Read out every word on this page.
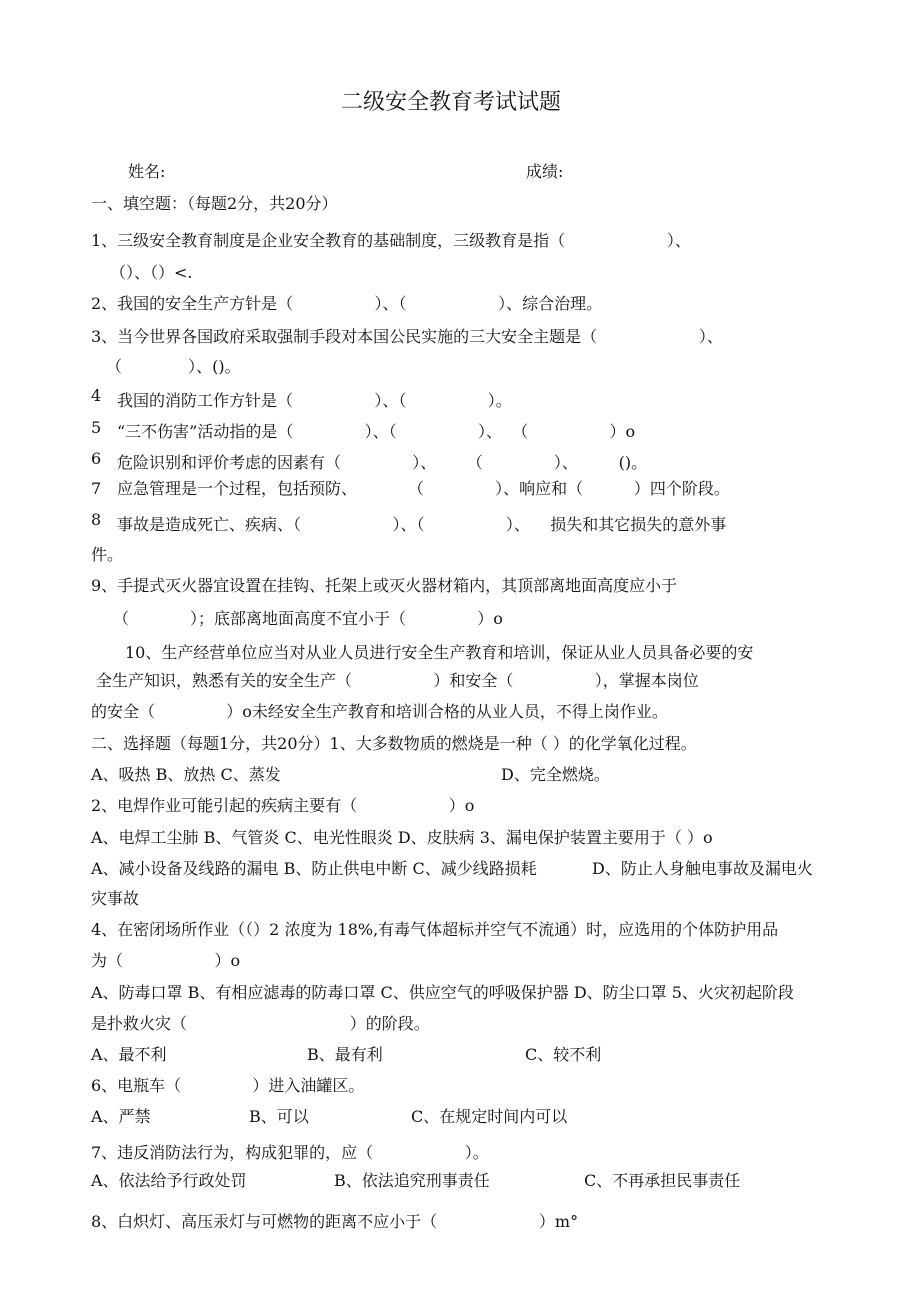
二级安全教育考试试题
姓名:	成绩:
一、填空题：（每题2分，共20分）
1、三级安全教育制度是企业安全教育的基础制度，三级教育是指（                    ）、
（）、（）<.
2、我国的安全生产方针是（                ）、（                  ）、综合治理。
3、当今世界各国政府采取强制手段对本国公民实施的三大安全主题是（                    ）、
（             ）、()。
4 我国的消防工作方针是（                ）、（                ）。
5 “三不伤害”活动指的是（              ）、（                ）、  （                ）o
6 危险识别和评价考虑的因素有（              ）、      （              ）、        ()。
7 应急管理是一个过程，包括预防、          （              ）、响应和（          ）四个阶段。
8 事故是造成死亡、疾病、（                  ）、（                ）、    损失和其它损失的意外事
件。
9、手提式灭火器宜设置在挂钩、托架上或灭火器材箱内，其顶部离地面高度应小于
（            ）；底部离地面高度不宜小于（              ）o
10、生产经营单位应当对从业人员进行安全生产教育和培训，保证从业人员具备必要的安
全生产知识，熟悉有关的安全生产（                ）和安全（                ），掌握本岗位
的安全（              ）o未经安全生产教育和培训合格的从业人员，不得上岗作业。
二、选择题（每题1分，共20分）1、大多数物质的燃烧是一种（ ）的化学氧化过程。
A、吸热 B、放热 C、蒸发	D、完全燃烧。
2、电焊作业可能引起的疾病主要有（                  ）o
A、电焊工尘肺 B、气管炎 C、电光性眼炎 D、皮肤病 3、漏电保护装置主要用于（ ）o
A、减小设备及线路的漏电 B、防止供电中断 C、减少线路损耗	D、防止人身触电事故及漏电火
灾事故
4、在密闭场所作业（（）2 浓度为 18%,有毒气体超标并空气不流通）时，应选用的个体防护用品
为（                  ）o
A、防毒口罩 B、有相应滤毒的防毒口罩 C、供应空气的呼吸保护器 D、防尘口罩 5、火灾初起阶段
是扑救火灾（                                ）的阶段。
A、最不利	B、最有利	C、较不利
6、电瓶车（              ）进入油罐区。
A、严禁	B、可以	C、在规定时间内可以
7、违反消防法行为，构成犯罪的，应（                  ）。
A、依法给予行政处罚	B、依法追究刑事责任	C、不再承担民事责任
8、白炽灯、高压汞灯与可燃物的距离不应小于（                    ）m°
